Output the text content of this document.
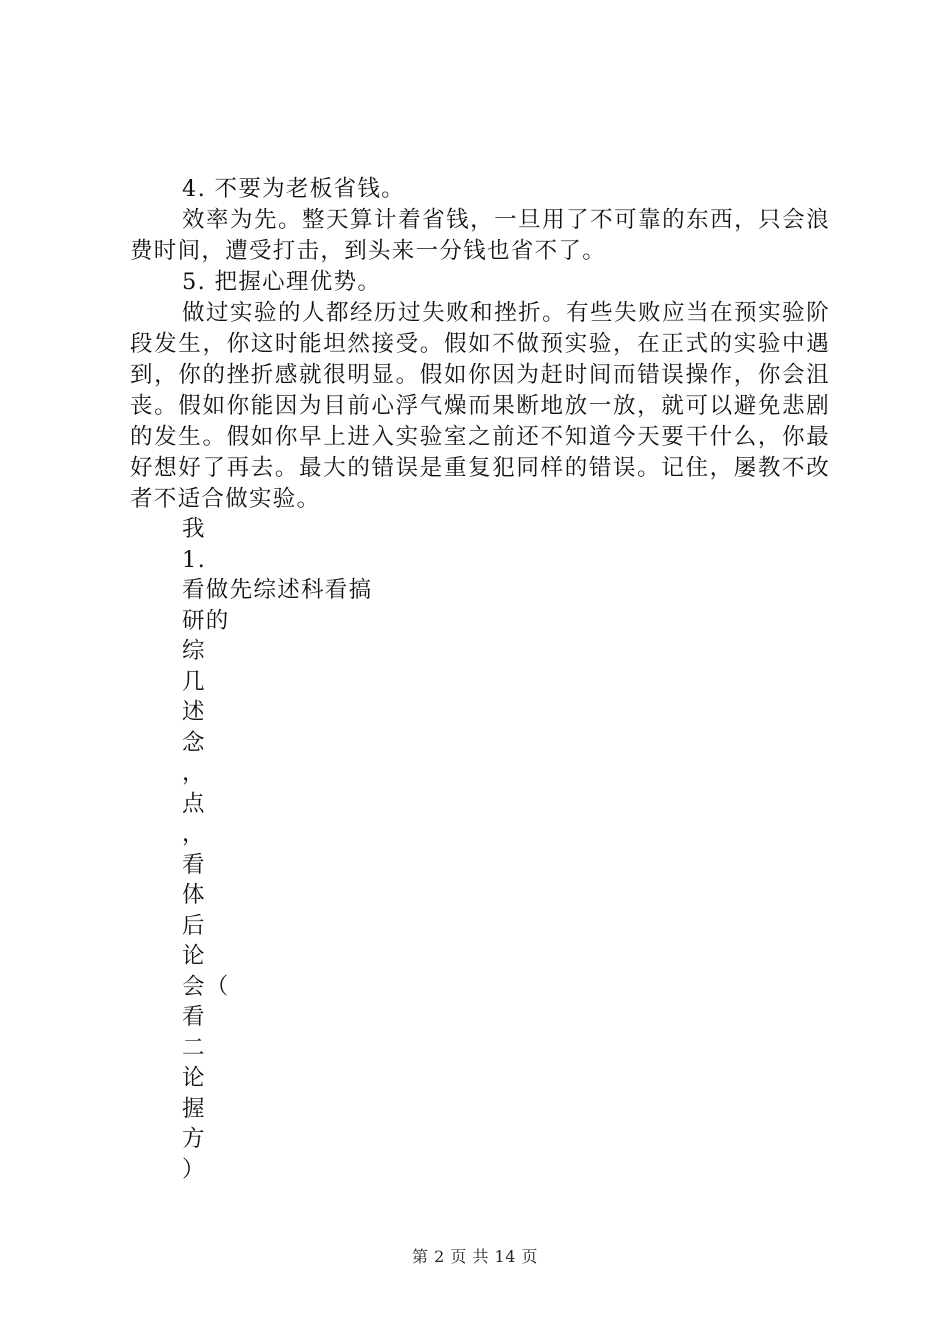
4. 不要为老板省钱。

效率为先。整天算计着省钱，一旦用了不可靠的东西，只会浪费时间，遭受打击，到头来一分钱也省不了。

5. 把握心理优势。

做过实验的人都经历过失败和挫折。有些失败应当在预实验阶段发生，你这时能坦然接受。假如不做预实验，在正式的实验中遇到，你的挫折感就很明显。假如你因为赶时间而错误操作，你会沮丧。假如你能因为目前心浮气燥而果断地放一放，就可以避免悲剧的发生。假如你早上进入实验室之前还不知道今天要干什么，你最好想好了再去。最大的错误是重复犯同样的错误。记住，屡教不改者不适合做实验。

我

1.

看做先综述科看搞

研的

综

几

述

念

，

点

，

看

体

后

论

会（

看

二

论

握

方

）

第 2 页 共 14 页
